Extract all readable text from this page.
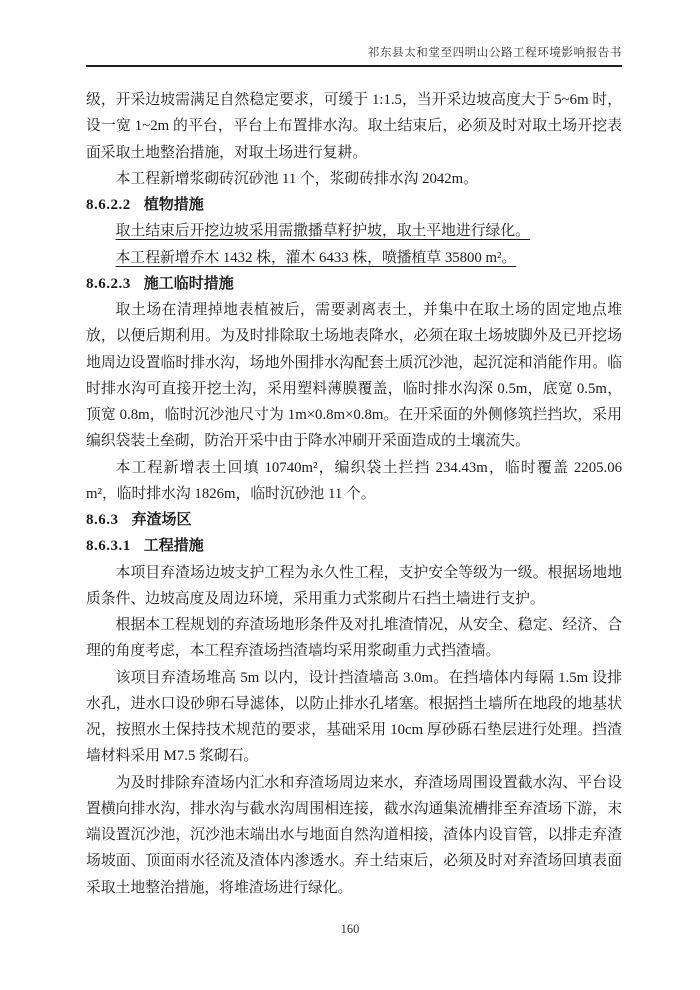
祁东县太和堂至四明山公路工程环境影响报告书

级，开采边坡需满足自然稳定要求，可缓于 1:1.5，当开采边坡高度大于 5~6m 时，设一宽 1~2m 的平台，平台上布置排水沟。取土结束后，必须及时对取土场开挖表面采取土地整治措施，对取土场进行复耕。

本工程新增浆砌砖沉砂池 11 个，浆砌砖排水沟 2042m。

8.6.2.2 植物措施

取土结束后开挖边坡采用需撒播草籽护坡，取土平地进行绿化。

本工程新增乔木 1432 株，灌木 6433 株，喷播植草 35800 m²。

8.6.2.3 施工临时措施

取土场在清理掉地表植被后，需要剥离表土，并集中在取土场的固定地点堆放，以便后期利用。为及时排除取土场地表降水，必须在取土场坡脚外及已开挖场地周边设置临时排水沟，场地外围排水沟配套土质沉沙池，起沉淀和消能作用。临时排水沟可直接开挖土沟，采用塑料薄膜覆盖，临时排水沟深 0.5m，底宽 0.5m，顶宽 0.8m，临时沉沙池尺寸为 1m×0.8m×0.8m。在开采面的外侧修筑拦挡坎，采用编织袋装土垒砌，防治开采中由于降水冲刷开采面造成的土壤流失。

本工程新增表土回填 10740m²，编织袋土拦挡 234.43m，临时覆盖 2205.06 m²，临时排水沟 1826m，临时沉砂池 11 个。

8.6.3 弃渣场区
8.6.3.1 工程措施

本项目弃渣场边坡支护工程为永久性工程，支护安全等级为一级。根据场地地质条件、边坡高度及周边环境，采用重力式浆砌片石挡土墙进行支护。

根据本工程规划的弃渣场地形条件及对扎堆渣情况，从安全、稳定、经济、合理的角度考虑，本工程弃渣场挡渣墙均采用浆砌重力式挡渣墙。

该项目弃渣场堆高 5m 以内，设计挡渣墙高 3.0m。在挡墙体内每隔 1.5m 设排水孔，进水口设砂卵石导滤体，以防止排水孔堵塞。根据挡土墙所在地段的地基状况，按照水土保持技术规范的要求，基础采用 10cm 厚砂砾石垫层进行处理。挡渣墙材料采用 M7.5 浆砌石。

为及时排除弃渣场内汇水和弃渣场周边来水，弃渣场周围设置截水沟、平台设置横向排水沟，排水沟与截水沟周围相连接，截水沟通集流槽排至弃渣场下游，末端设置沉沙池，沉沙池末端出水与地面自然沟道相接，渣体内设盲管，以排走弃渣场坡面、顶面雨水径流及渣体内渗透水。弃土结束后，必须及时对弃渣场回填表面采取土地整治措施，将堆渣场进行绿化。

160
